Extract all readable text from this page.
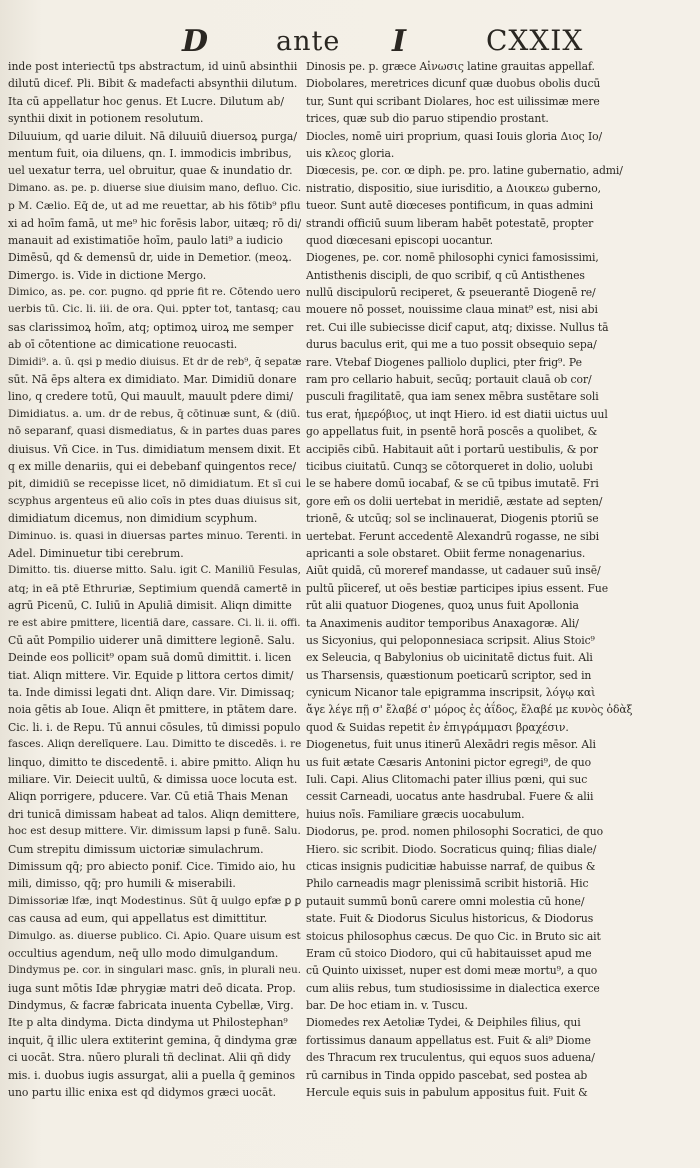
D	ante I	CXXIX
inde post interiectū tps abstractum, id uinū absinthii
dilutū dicef. Pli. Bibit & madefacti absynthii dilutum.
Ita cū appellatur hoc genus. Et Lucre. Dilutum ab/
synthii dixit in potionem resolutum.
Diluuium, qd uarie diluit. Nā diluuiū diuersoꝝ purga/
mentum fuit, oia diluens, qn. I. immodicis imbribus,
uel uexatur terra, uel obruitur, quae & inundatio dr.
Dimano. as. pe. p. diuerse siue diuisim mano, defluo. Cic.
p M. Cælio. Eq̄ de, ut ad me reuettar, ab his fōtib⁹ pflu
xi ad hoīm famā, ut me⁹ hic forēsis labor, uitæq; rō di/
manauit ad existimatiōe hoīm, paulo lati⁹ a iudicio
Dimēsū, qd & demensū dr, uide in Demetior. (meoꝝ.
Dimergo. is. Vide in dictione Mergo.
Dimico, as. pe. cor. pugno. qd pprie fit re. Cōtendo uero
uerbis tū. Cic. li. iii. de ora. Qui. ppter tot, tantasq; cau
sas clarissimoꝝ hoīm, atq; optimoꝝ uiroꝝ me semper
ab oī cōtentione ac dimicatione reuocasti.
Dimidi⁹. a. ū. qsi p medio diuisus. Et dr de reb⁹, q̄ sepatæ
sūt. Nā ēps altera ex dimidiato. Mar. Dimidiū donare
lino, q credere totū, Qui mauult, mauult pdere dimi/
Dimidiatus. a. um. dr de rebus, q̄ cōtinuæ sunt, & (diū.
nō separanf, quasi dismediatus, & in partes duas pares
diuisus. Vñ Cice. in Tus. dimidiatum mensem dixit. Et
q ex mille denariis, qui ei debebanf quingentos rece/
pit, dimidiū se recepisse licet, nō dimidiatum. Et sī cui
scyphus argenteus eū alio coīs in ptes duas diuisus sit,
dimidiatum dicemus, non dimidium scyphum.
Diminuo. is. quasi in diuersas partes minuo. Terenti. in
Adel. Diminuetur tibi cerebrum.
Dimitto. tis. diuerse mitto. Salu. igit C. Maniliū Fesulas,
atq; in eā ptē Ethruriæ, Septimium quendā camertē in
agrū Picenū, C. Iuliū in Apuliā dimisit. Aliqn dimitte
re est abire pmittere, licentiā dare, cassare. Ci. li. ii. offi.
Cū aūt Pompilio uiderer unā dimittere legionē. Salu.
Deinde eos pollicit⁹ opam suā domū dimittit. i. licen
tiat. Aliqn mittere. Vir. Equide p littora certos dimit/
ta. Inde dimissi legati dnt. Aliqn dare. Vir. Dimissaq;
noia gētis ab Ioue. Aliqn ēt pmittere, in ptātem dare.
Cic. li. i. de Repu. Tū annui cōsules, tū dimissi populo
fasces. Aliqn derelīquere. Lau. Dimitto te discedēs. i. re
linquo, dimitto te discedentē. i. abire pmitto. Aliqn hu
miliare. Vir. Deiecit uultū, & dimissa uoce locuta est.
Aliqn porrigere, pducere. Var. Cū etiā Thais Menan
dri tunicā dimissam habeat ad talos. Aliqn demittere,
hoc est desup mittere. Vir. dimissum lapsi p funē. Salu.
Cum strepitu dimissum uictoriæ simulachrum.
Dimissum qq̄; pro abiecto ponif. Cice. Timido aio, hu
mili, dimisso, qq̄; pro humili & miserabili.
Dimissoriæ lfæ, inqt Modestinus. Sūt q̄ uulgo epfæ ꝑ ꝑ
cas causa ad eum, qui appellatus est dimittitur.
Dimulgo. as. diuerse publico. Ci. Apio. Quare uisum est
occultius agendum, neq̄ ullo modo dimulgandum.
Dindymus pe. cor. in singulari masc. gnīs, in plurali neu.
iuga sunt mōtis Idæ phrygiæ matri deō dicata. Prop.
Dindymus, & facræ fabricata inuenta Cybellæ, Virg.
Ite p alta dindyma. Dicta dindyma ut Philostephan⁹
inquit, q̄ illic ulera extiterint gemina, q̄ dindyma græ
ci uocāt. Stra. nūero plurali tñ declinat. Alii qñ didy
mis. i. duobus iugis assurgat, alii a puella q̄ geminos
uno partu illic enixa est qd didymos græci uocāt.
Dinosis pe. p. græce Αἰνωσις latine grauitas appellaf.
Diobolares, meretrices dicunf quæ duobus obolis ducū
tur, Sunt qui scribant Diolares, hoc est uilissimæ mere
trices, quæ sub dio paruo stipendio prostant.
Diocles, nomē uiri proprium, quasi Iouis gloria Διος Ιο/
uis κλεος gloria.
Diœcesis, pe. cor. œ diph. pe. pro. latine gubernatio, admi/
nistratio, dispositio, siue iurisditio, a Διοικεω guberno,
tueor. Sunt autē diœceses pontificum, in quas admini
strandi officiū suum liberam habēt potestatē, propter
quod diœcesani episcopi uocantur.
Diogenes, pe. cor. nomē philosophi cynici famosissimi,
Antisthenis discipli, de quo scribif, q cū Antisthenes
nullū discipulorū reciperet, & pseuerantē Diogenē re/
mouere nō posset, nouissime claua minat⁹ est, nisi abi
ret. Cui ille subiecisse dicif caput, atq; dixisse. Nullus tā
durus baculus erit, qui me a tuo possit obsequio sepa/
rare. Vtebaf Diogenes palliolo duplici, pter frig⁹. Pe
ram pro cellario habuit, secūq; portauit clauā ob cor/
pusculi fragilitatē, qua iam senex mēbra sustētare soli
tus erat, ἡμερόβιος, ut inqt Hiero. id est diatii uictus uul
go appellatus fuit, in psentē horā poscēs a quolibet, &
accipiēs cibū. Habitauit aūt i portarū uestibulis, & por
ticibus ciuitatū. Cunqꝫ se cōtorqueret in dolio, uolubi
le se habere domū iocabaf, & se cū tpibus imutatē. Fri
gore em̄ os dolii uertebat in meridiē, æstate ad septen/
trionē, & utcūq; sol se inclinauerat, Diogenis ptoriū se
uertebat. Ferunt accedentē Alexandrū rogasse, ne sibi
apricanti a sole obstaret. Obiit ferme nonagenarius.
Aiūt quidā, cū moreref mandasse, ut cadauer suū insē/
pultū pīiceref, ut oēs bestiæ participes ipius essent. Fue
rūt alii quatuor Diogenes, quoꝝ unus fuit Apollonia
ta Anaximenis auditor temporibus Anaxagoræ. Ali/
us Sicyonius, qui peloponnesiaca scripsit. Alius Stoic⁹
ex Seleucia, q Babylonius ob uicinitatē dictus fuit. Ali
us Tharsensis, quæstionum poeticarū scriptor, sed in
cynicum Nicanor tale epigramma inscripsit, λόγῳ καὶ
ἄγε λέγε πῇ σ' ἔλαβέ σ' μόρος ἐς ἀΐδος, ἔλαβέ με κυνὸς ὀδὰξ
quod & Suidas repetit ἐν ἐπιγράμμασι βραχέσιν.
Diogenetus, fuit unus itinerū Alexādri regis mēsor. Ali
us fuit ætate Cæsaris Antonini pictor egregi⁹, de quo
Iuli. Capi. Alius Clitomachi pater illius pœni, qui suc
cessit Carneadi, uocatus ante hasdrubal. Fuere & alii
huius noīs. Familiare græcis uocabulum.
Diodorus, pe. prod. nomen philosophi Socratici, de quo
Hiero. sic scribit. Diodo. Socraticus quinq; filias diale/
cticas insignis pudicitiæ habuisse narraf, de quibus &
Philo carneadis magr plenissimā scribit historiā. Hic
putauit summū bonū carere omni molestia cū hone/
state. Fuit & Diodorus Siculus historicus, & Diodorus
stoicus philosophus cæcus. De quo Cic. in Bruto sic ait
Eram cū stoico Diodoro, qui cū habitauisset apud me
cū Quinto uixisset, nuper est domi meæ mortu⁹, a quo
cum aliis rebus, tum studiosissime in dialectica exerce
bar. De hoc etiam in. v. Tuscu.
Diomedes rex Aetoliæ Tydei, & Deiphiles filius, qui
fortissimus danaum appellatus est. Fuit & ali⁹ Diome
des Thracum rex truculentus, qui equos suos aduena/
rū carnibus in Tinda oppido pascebat, sed postea ab
Hercule equis suis in pabulum appositus fuit. Fuit &
